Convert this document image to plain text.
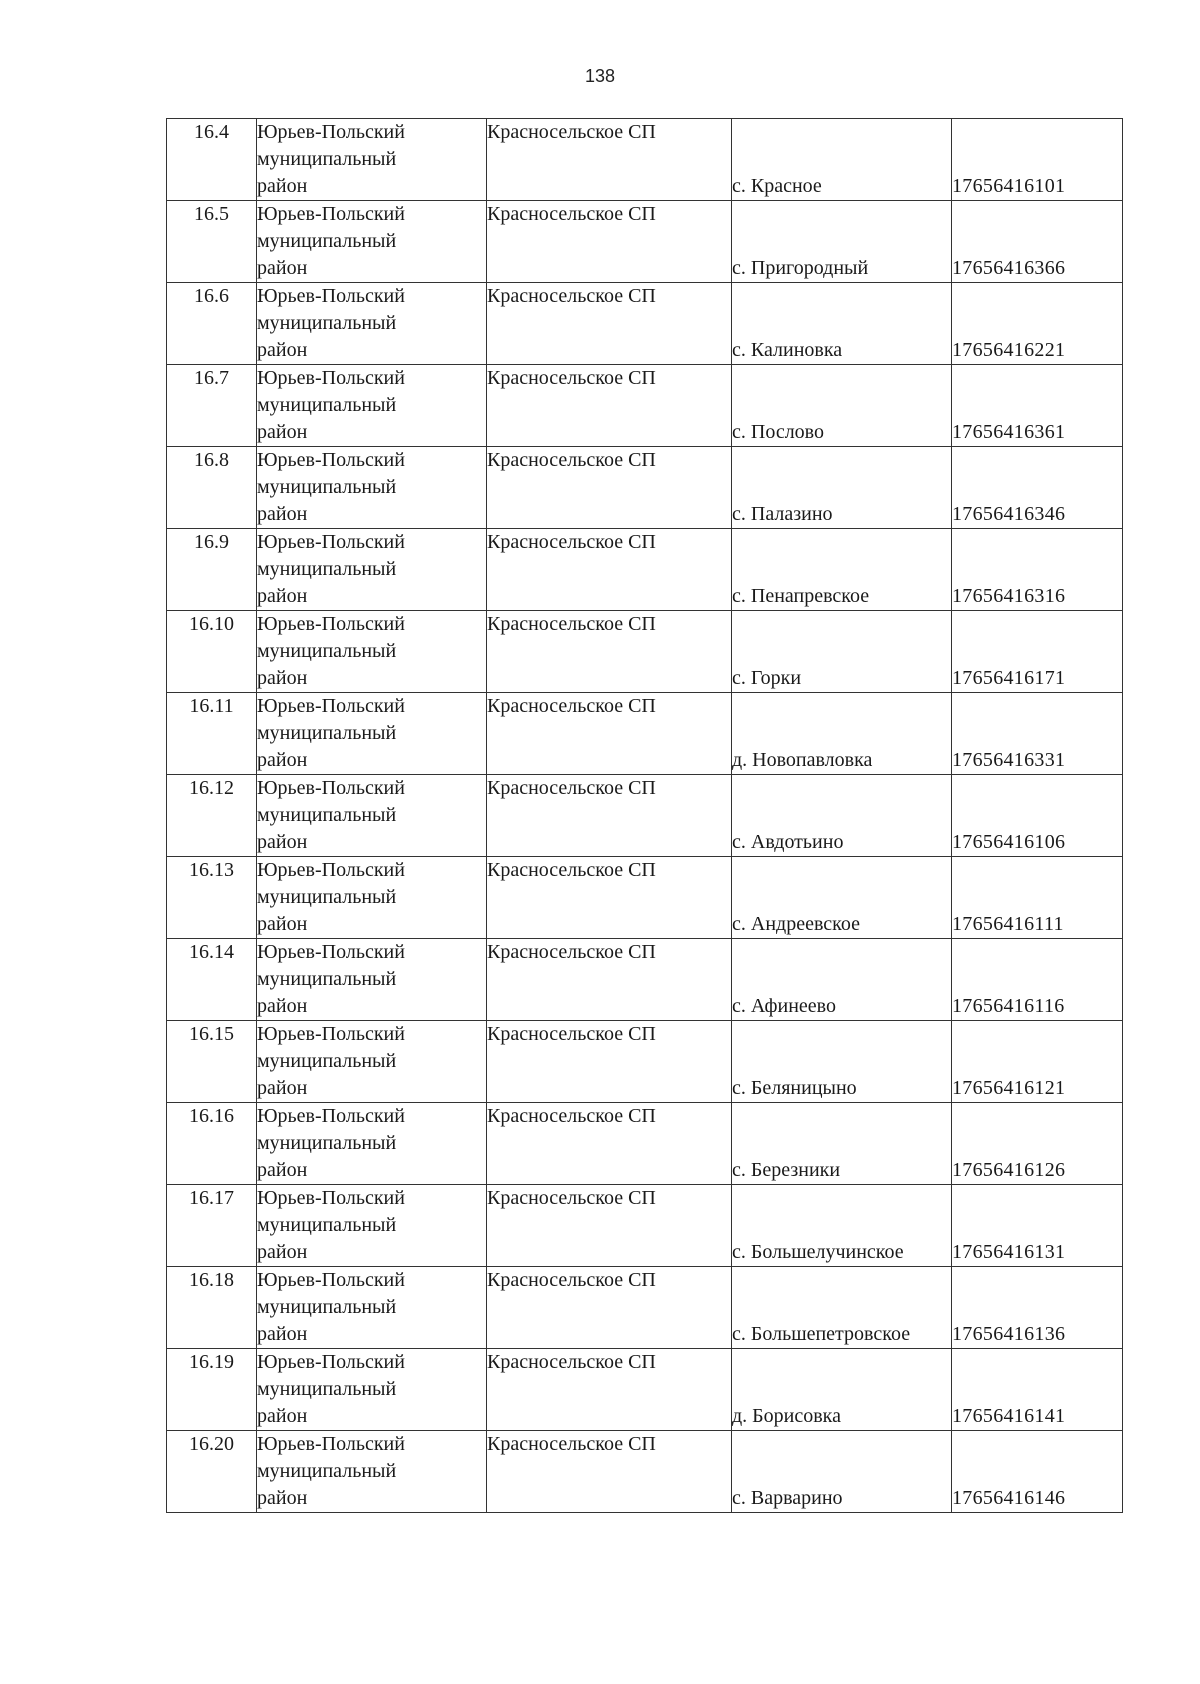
138
16.4	Юрьев-Польский
муниципальный
район	Красносельское СП	с. Красное	17656416101
16.5	Юрьев-Польский
муниципальный
район	Красносельское СП	с. Пригородный	17656416366
16.6	Юрьев-Польский
муниципальный
район	Красносельское СП	с. Калиновка	17656416221
16.7	Юрьев-Польский
муниципальный
район	Красносельское СП	с. Послово	17656416361
16.8	Юрьев-Польский
муниципальный
район	Красносельское СП	с. Палазино	17656416346
16.9	Юрьев-Польский
муниципальный
район	Красносельское СП	с. Пенапревское	17656416316
16.10	Юрьев-Польский
муниципальный
район	Красносельское СП	с. Горки	17656416171
16.11	Юрьев-Польский
муниципальный
район	Красносельское СП	д. Новопавловка	17656416331
16.12	Юрьев-Польский
муниципальный
район	Красносельское СП	с. Авдотьино	17656416106
16.13	Юрьев-Польский
муниципальный
район	Красносельское СП	с. Андреевское	17656416111
16.14	Юрьев-Польский
муниципальный
район	Красносельское СП	с. Афинеево	17656416116
16.15	Юрьев-Польский
муниципальный
район	Красносельское СП	с. Беляницыно	17656416121
16.16	Юрьев-Польский
муниципальный
район	Красносельское СП	с. Березники	17656416126
16.17	Юрьев-Польский
муниципальный
район	Красносельское СП	с. Большелучинское	17656416131
16.18	Юрьев-Польский
муниципальный
район	Красносельское СП	с. Большепетровское	17656416136
16.19	Юрьев-Польский
муниципальный
район	Красносельское СП	д. Борисовка	17656416141
16.20	Юрьев-Польский
муниципальный
район	Красносельское СП	с. Варварино	17656416146
